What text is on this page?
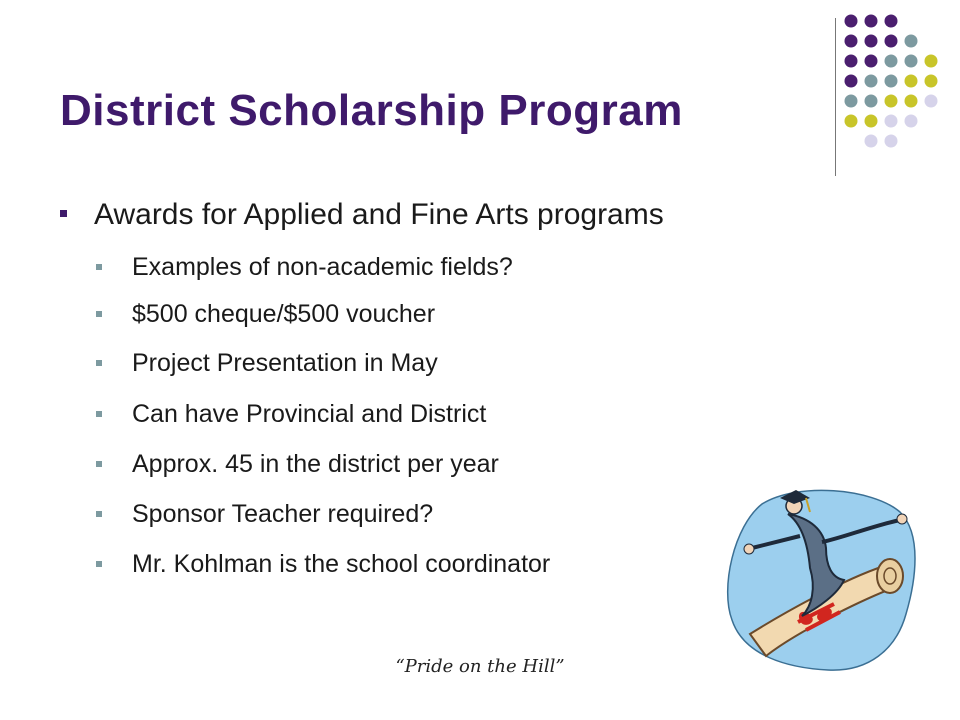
District Scholarship Program
Awards for Applied and Fine Arts programs
Examples of non-academic fields?
$500 cheque/$500 voucher
Project Presentation in May
Can have Provincial and District
Approx. 45 in the district per year
Sponsor Teacher required?
Mr. Kohlman is the school coordinator
“Pride on the Hill”
